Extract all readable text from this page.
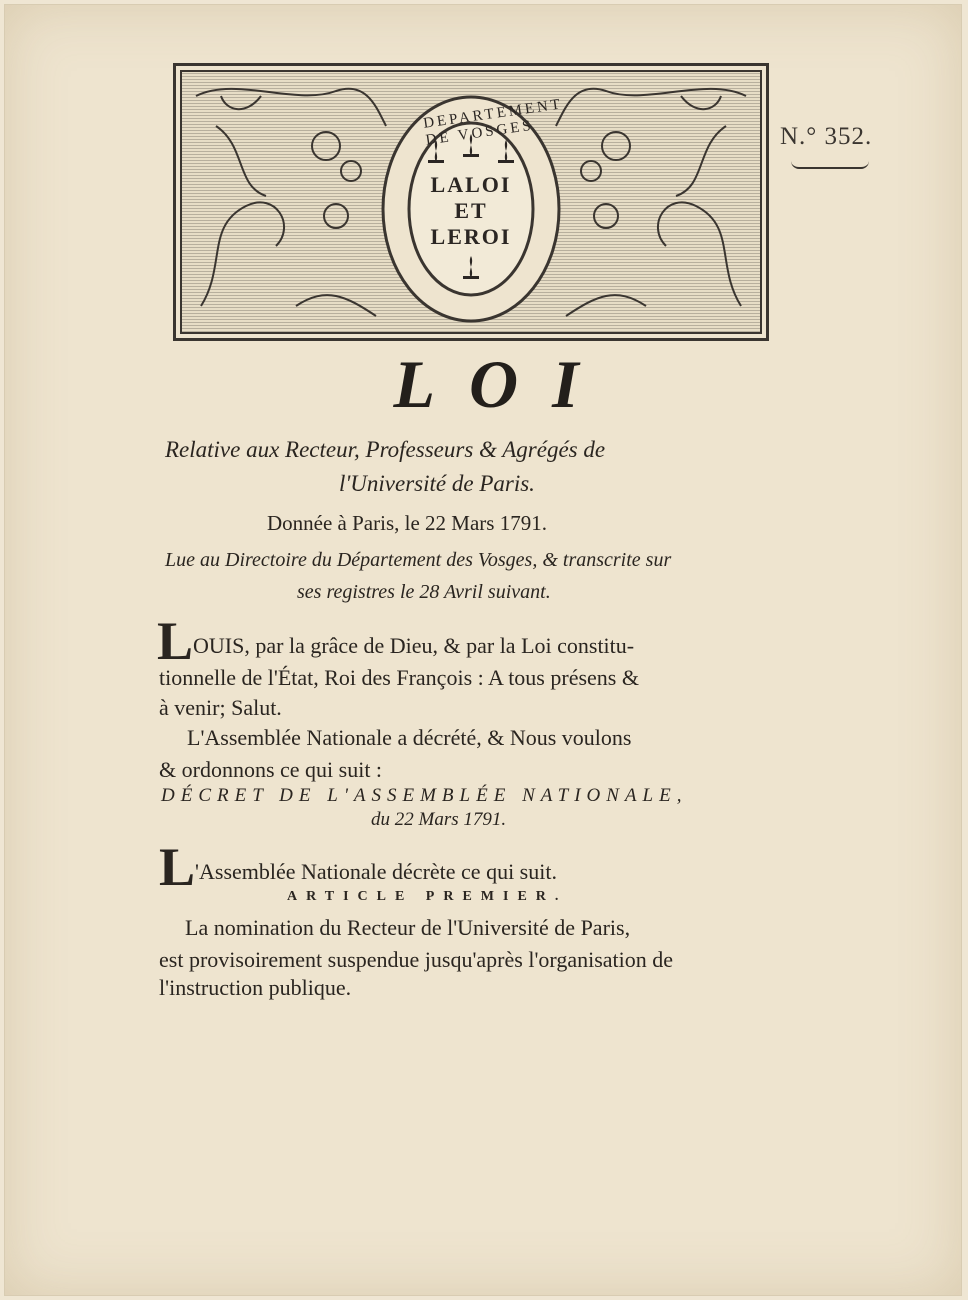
DEPARTEMENT DE VOSGES
LALOI
ET
LEROI
N.° 352.
LOI
Relative aux Recteur, Professeurs & Agrégés de
l'Université de Paris.
Donnée à Paris, le 22 Mars 1791.
Lue au Directoire du Département des Vosges, & transcrite sur
ses registres le 28 Avril suivant.
LOUIS, par la grâce de Dieu, & par la Loi constitu-
tionnelle de l'État, Roi des François : A tous présens &
à venir; Salut.
L'Assemblée Nationale a décrété, & Nous voulons
& ordonnons ce qui suit :
DÉCRET DE L'ASSEMBLÉE NATIONALE,
du 22 Mars 1791.
L'Assemblée Nationale décrète ce qui suit.
ARTICLE PREMIER.
La nomination du Recteur de l'Université de Paris,
est provisoirement suspendue jusqu'après l'organisation de
l'instruction publique.
